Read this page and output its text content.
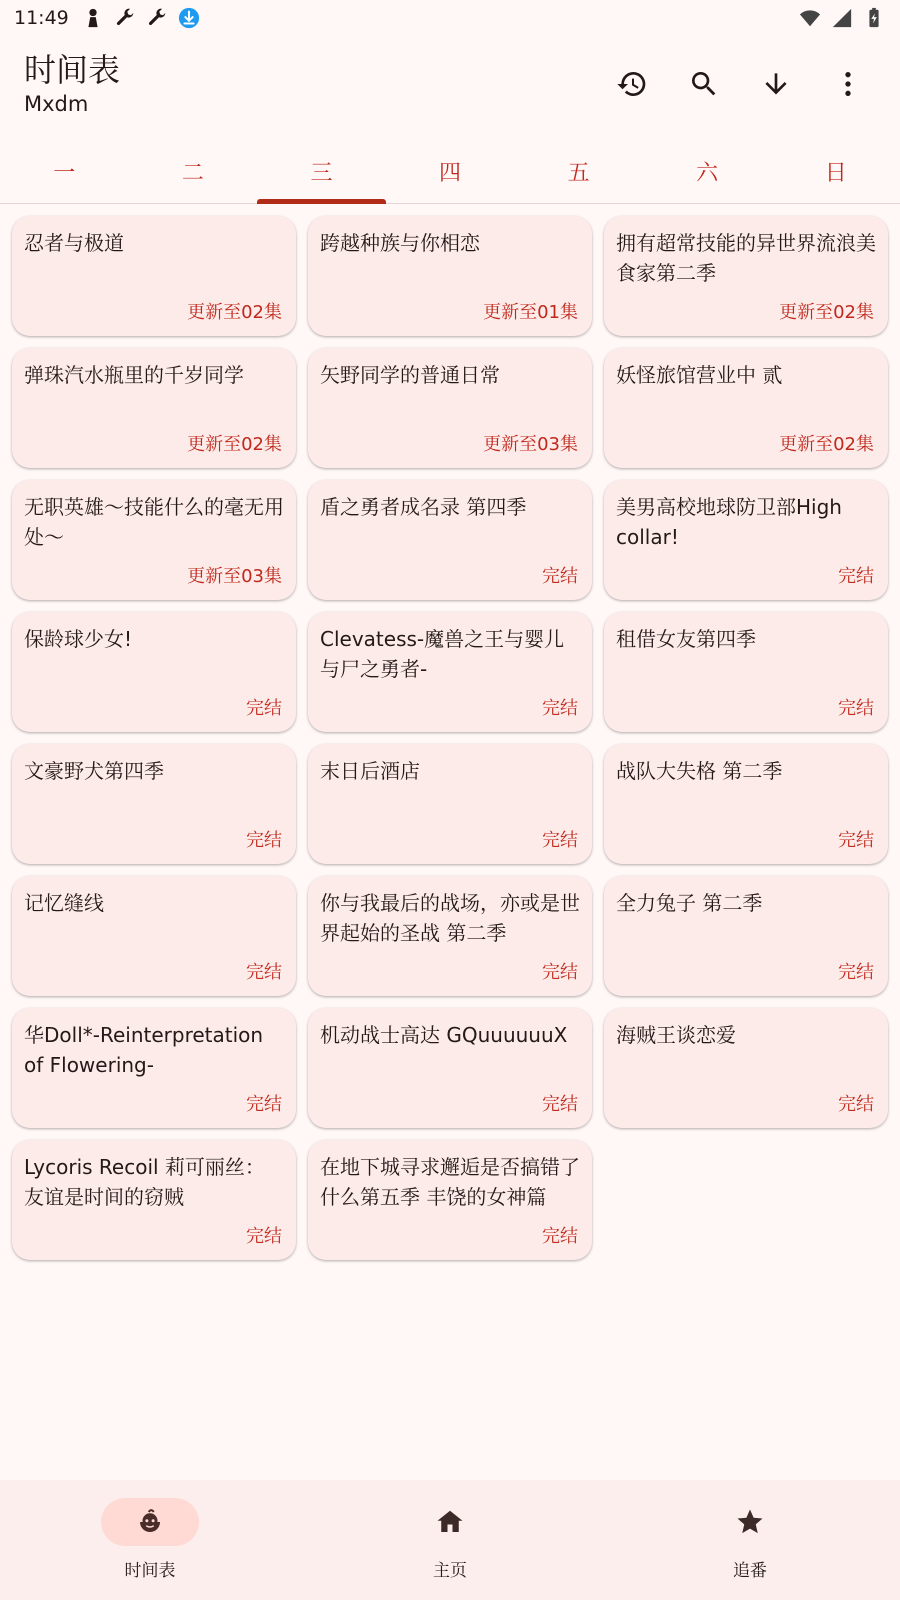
11:49
时间表
Mxdm
一	二	三	四	五	六	日
忍者与极道
更新至02集
跨越种族与你相恋
更新至01集
拥有超常技能的异世界流浪美食家第二季
更新至02集
弹珠汽水瓶里的千岁同学
更新至02集
矢野同学的普通日常
更新至03集
妖怪旅馆营业中 贰
更新至02集
无职英雄～技能什么的毫无用处～
更新至03集
盾之勇者成名录 第四季
完结
美男高校地球防卫部High collar!
完结
保龄球少女!
完结
Clevatess-魔兽之王与婴儿与尸之勇者-
完结
租借女友第四季
完结
文豪野犬第四季
完结
末日后酒店
完结
战队大失格 第二季
完结
记忆缝线
完结
你与我最后的战场，亦或是世界起始的圣战 第二季
完结
全力兔子 第二季
完结
华Doll*-Reinterpretation of Flowering-
完结
机动战士高达 GQuuuuuuX
完结
海贼王谈恋爱
完结
Lycoris Recoil 莉可丽丝：友谊是时间的窃贼
完结
在地下城寻求邂逅是否搞错了什么第五季 丰饶的女神篇
完结
时间表	主页	追番
